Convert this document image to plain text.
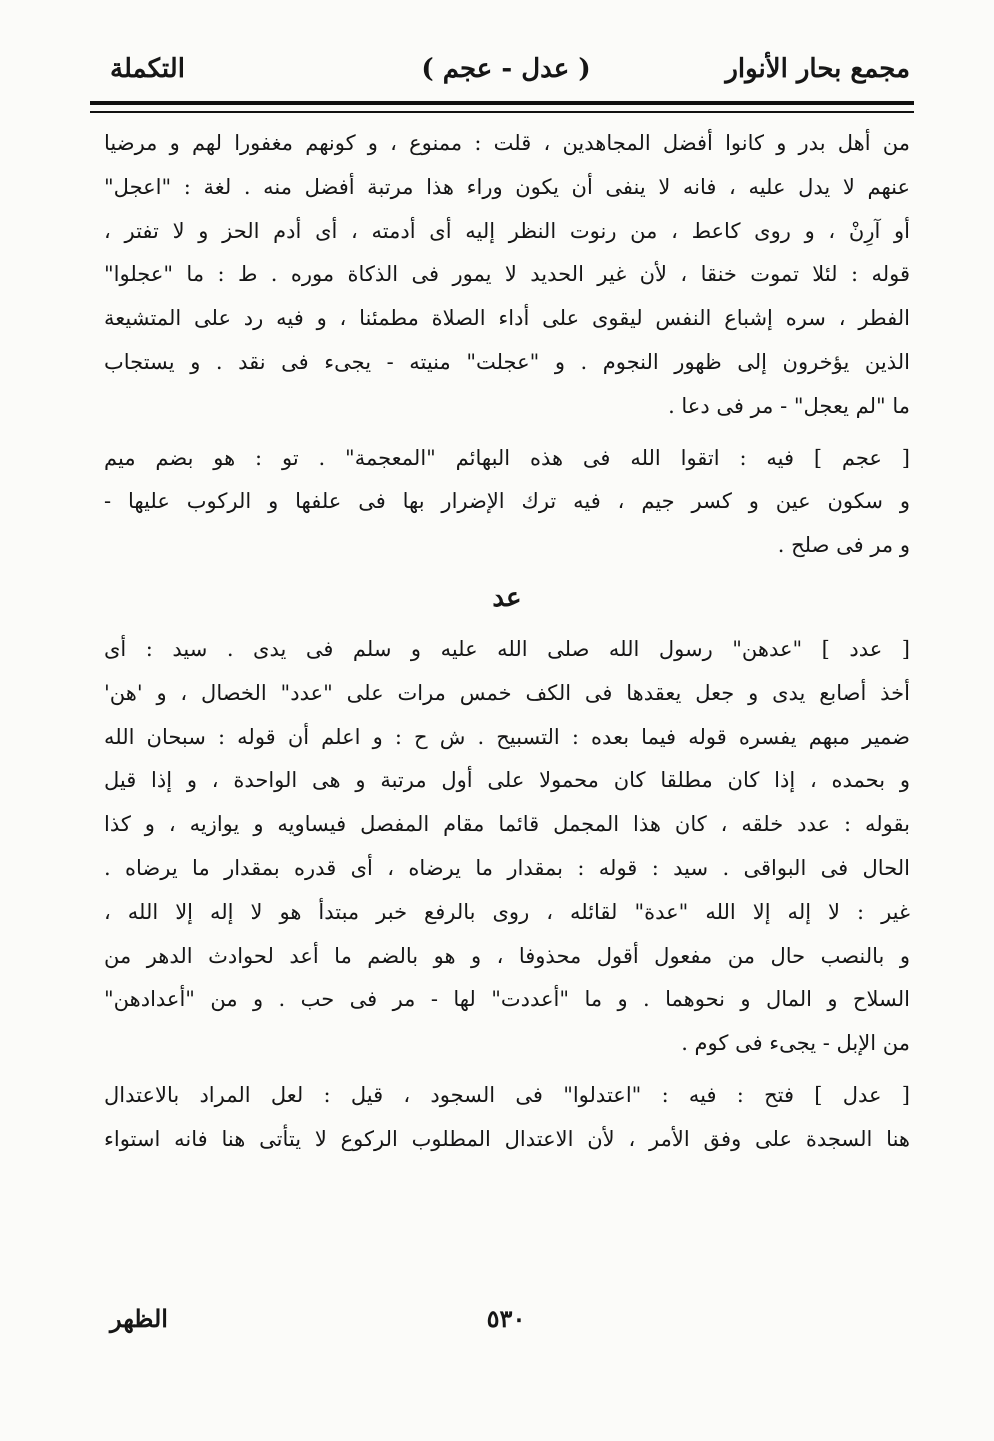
مجمع بحار الأنوار
( عدل - عجم )
التكملة
من أهل بدر و كانوا أفضل المجاهدين ، قلت : ممنوع ، و كونهم مغفورا لهم و مرضيا
عنهم لا يدل عليه ، فانه لا ينفى أن يكون وراء هذا مرتبة أفضل منه . لغة : "اعجل"
أو آرِنْ ، و روى كاعط ، من رنوت النظر إليه أى أدمته ، أى أدم الحز و لا تفتر ،
قوله : لئلا تموت خنقا ، لأن غير الحديد لا يمور فى الذكاة موره . ط : ما "عجلوا"
الفطر ، سره إشباع النفس ليقوى على أداء الصلاة مطمئنا ، و فيه رد على المتشيعة
الذين يؤخرون إلى ظهور النجوم . و "عجلت" منيته - يجىء فى نقد . و يستجاب
ما "لم يعجل" - مر فى دعا .
[ عجم ] فيه : اتقوا الله فى هذه البهائم "المعجمة" . تو : هو بضم ميم
و سكون عين و كسر جيم ، فيه ترك الإضرار بها فى علفها و الركوب عليها -
و مر فى صلح .
عد
[ عدد ] "عدهن" رسول الله صلى الله عليه و سلم فى يدى . سيد : أى
أخذ أصابع يدى و جعل يعقدها فى الكف خمس مرات على "عدد" الخصال ، و 'هن'
ضمير مبهم يفسره قوله فيما بعده : التسبيح . ش ح : و اعلم أن قوله : سبحان الله
و بحمده ، إذا كان مطلقا كان محمولا على أول مرتبة و هى الواحدة ، و إذا قيل
بقوله : عدد خلقه ، كان هذا المجمل قائما مقام المفصل فيساويه و يوازيه ، و كذا
الحال فى البواقى . سيد : قوله : بمقدار ما يرضاه ، أى قدره بمقدار ما يرضاه .
غير : لا إله إلا الله "عدة" لقائله ، روى بالرفع خبر مبتدأ هو لا إله إلا الله ،
و بالنصب حال من مفعول أقول محذوفا ، و هو بالضم ما أعد لحوادث الدهر من
السلاح و المال و نحوهما . و ما "أعددت" لها - مر فى حب . و من "أعدادهن"
من الإبل - يجىء فى كوم .
[ عدل ] فتح : فيه : "اعتدلوا" فى السجود ، قيل : لعل المراد بالاعتدال
هنا السجدة على وفق الأمر ، لأن الاعتدال المطلوب الركوع لا يتأتى هنا فانه استواء
٥٣٠
الظهر
